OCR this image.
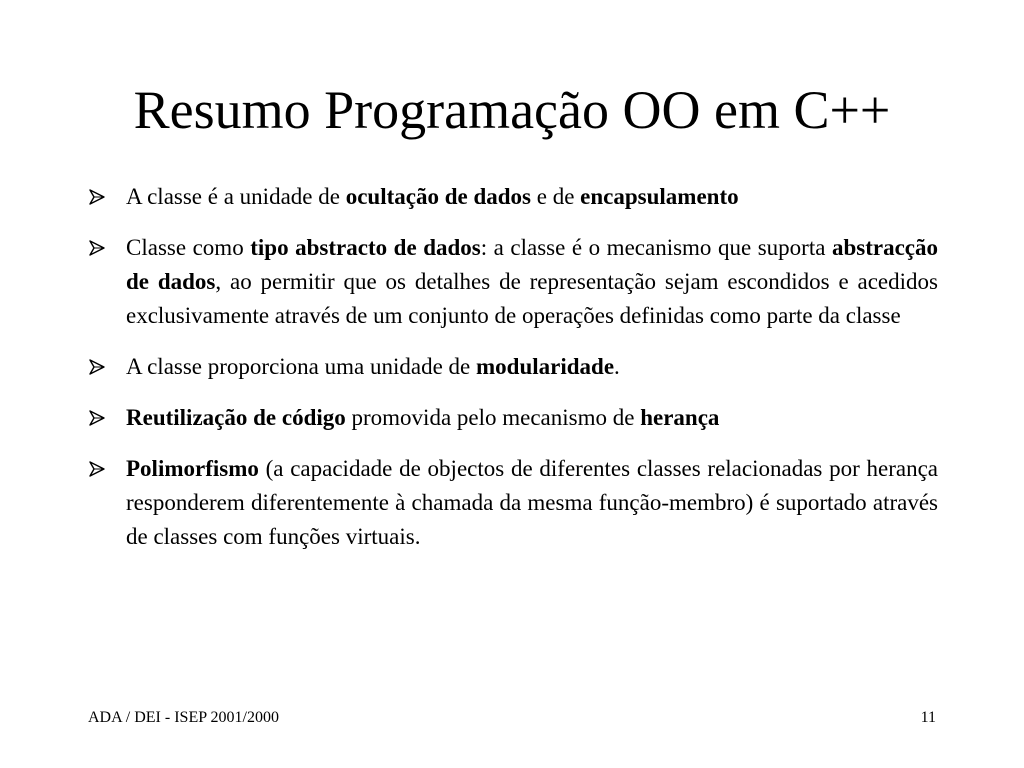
Resumo Programação OO em C++
A classe é a unidade de ocultação de dados e de encapsulamento
Classe como tipo abstracto de dados: a classe é o mecanismo que suporta abstracção de dados, ao permitir que os detalhes de representação sejam escondidos e acedidos exclusivamente através de um conjunto de operações definidas como parte da classe
A classe proporciona uma unidade de modularidade.
Reutilização de código promovida pelo mecanismo de herança
Polimorfismo (a capacidade de objectos de diferentes classes relacionadas por herança responderem diferentemente à chamada da mesma função-membro) é suportado através de classes com funções virtuais.
ADA / DEI - ISEP 2001/2000	11
